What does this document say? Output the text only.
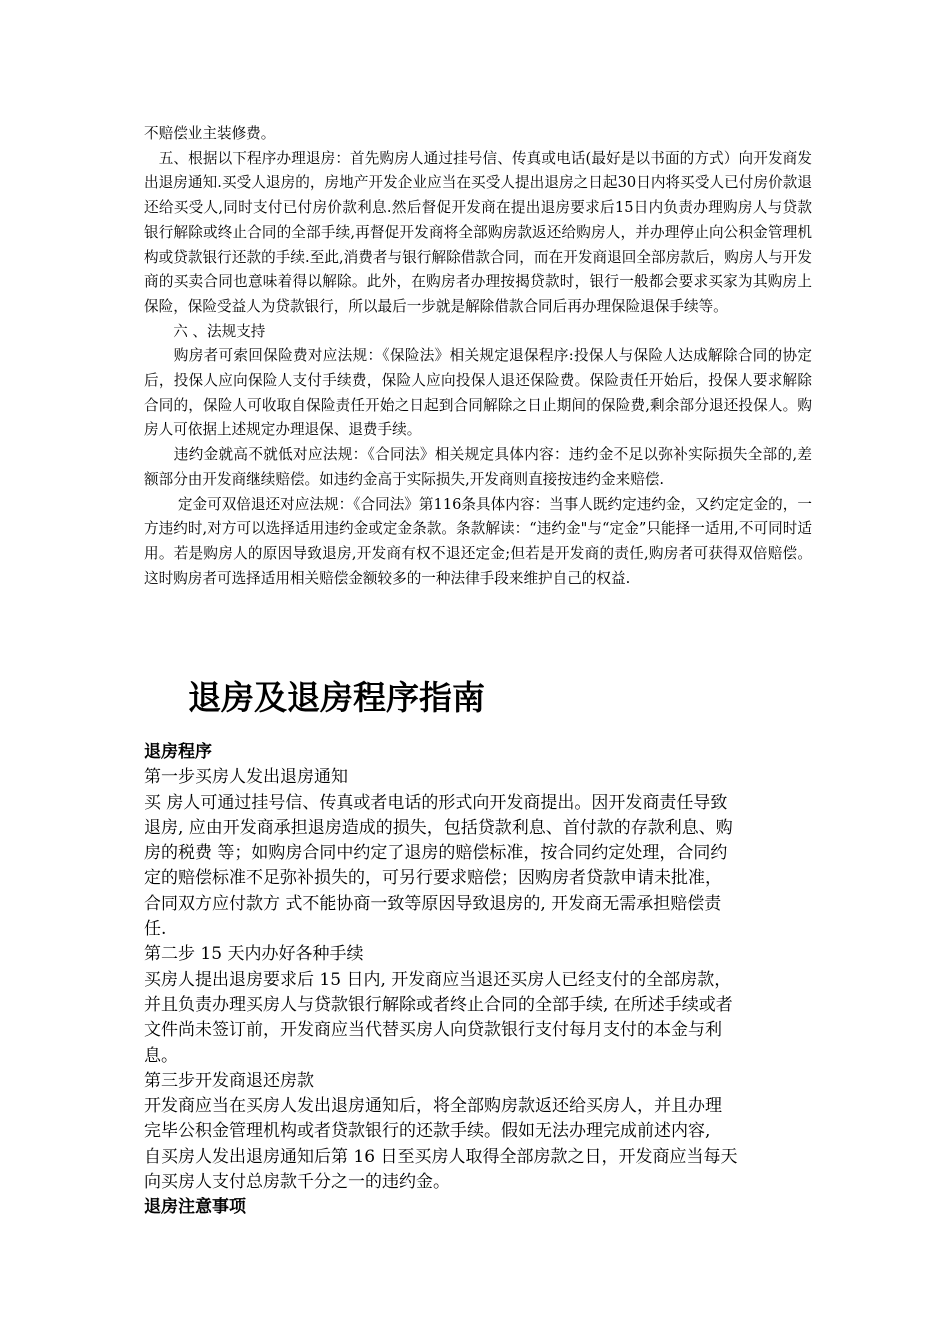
不赔偿业主装修费。

　五、根据以下程序办理退房：首先购房人通过挂号信、传真或电话(最好是以书面的方式）向开发商发出退房通知.买受人退房的，房地产开发企业应当在买受人提出退房之日起30日内将买受人已付房价款退还给买受人,同时支付已付房价款利息.然后督促开发商在提出退房要求后15日内负责办理购房人与贷款银行解除或终止合同的全部手续,再督促开发商将全部购房款返还给购房人，并办理停止向公积金管理机构或贷款银行还款的手续.至此,消费者与银行解除借款合同，而在开发商退回全部房款后，购房人与开发商的买卖合同也意味着得以解除。此外，在购房者办理按揭贷款时，银行一般都会要求买家为其购房上保险，保险受益人为贷款银行，所以最后一步就是解除借款合同后再办理保险退保手续等。

　　六 、法规支持

　　购房者可索回保险费对应法规：《保险法》相关规定退保程序:投保人与保险人达成解除合同的协定后，投保人应向保险人支付手续费，保险人应向投保人退还保险费。保险责任开始后，投保人要求解除合同的，保险人可收取自保险责任开始之日起到合同解除之日止期间的保险费,剩余部分退还投保人。购房人可依据上述规定办理退保、退费手续。

　　违约金就高不就低对应法规：《合同法》相关规定具体内容：违约金不足以弥补实际损失全部的,差额部分由开发商继续赔偿。如违约金高于实际损失,开发商则直接按违约金来赔偿.

　　 定金可双倍退还对应法规：《合同法》第116条具体内容：当事人既约定违约金，又约定定金的，一方违约时,对方可以选择适用违约金或定金条款。条款解读：“违约金"与“定金”只能择一适用,不可同时适用。若是购房人的原因导致退房,开发商有权不退还定金;但若是开发商的责任,购房者可获得双倍赔偿。这时购房者可选择适用相关赔偿金额较多的一种法律手段来维护自己的权益.

退房及退房程序指南
退房程序
第一步买房人发出退房通知
买 房人可通过挂号信、传真或者电话的形式向开发商提出。因开发商责任导致
退房, 应由开发商承担退房造成的损失，包括贷款利息、首付款的存款利息、购
房的税费 等；如购房合同中约定了退房的赔偿标准，按合同约定处理，合同约
定的赔偿标准不足弥补损失的，可另行要求赔偿；因购房者贷款申请未批准，
合同双方应付款方 式不能协商一致等原因导致退房的, 开发商无需承担赔偿责
任.
第二步 15 天内办好各种手续
买房人提出退房要求后 15 日内, 开发商应当退还买房人已经支付的全部房款，
并且负责办理买房人与贷款银行解除或者终止合同的全部手续, 在所述手续或者
文件尚未签订前，开发商应当代替买房人向贷款银行支付每月支付的本金与利
息。
第三步开发商退还房款
开发商应当在买房人发出退房通知后，将全部购房款返还给买房人，并且办理
完毕公积金管理机构或者贷款银行的还款手续。假如无法办理完成前述内容,
自买房人发出退房通知后第 16 日至买房人取得全部房款之日，开发商应当每天
向买房人支付总房款千分之一的违约金。
退房注意事项
